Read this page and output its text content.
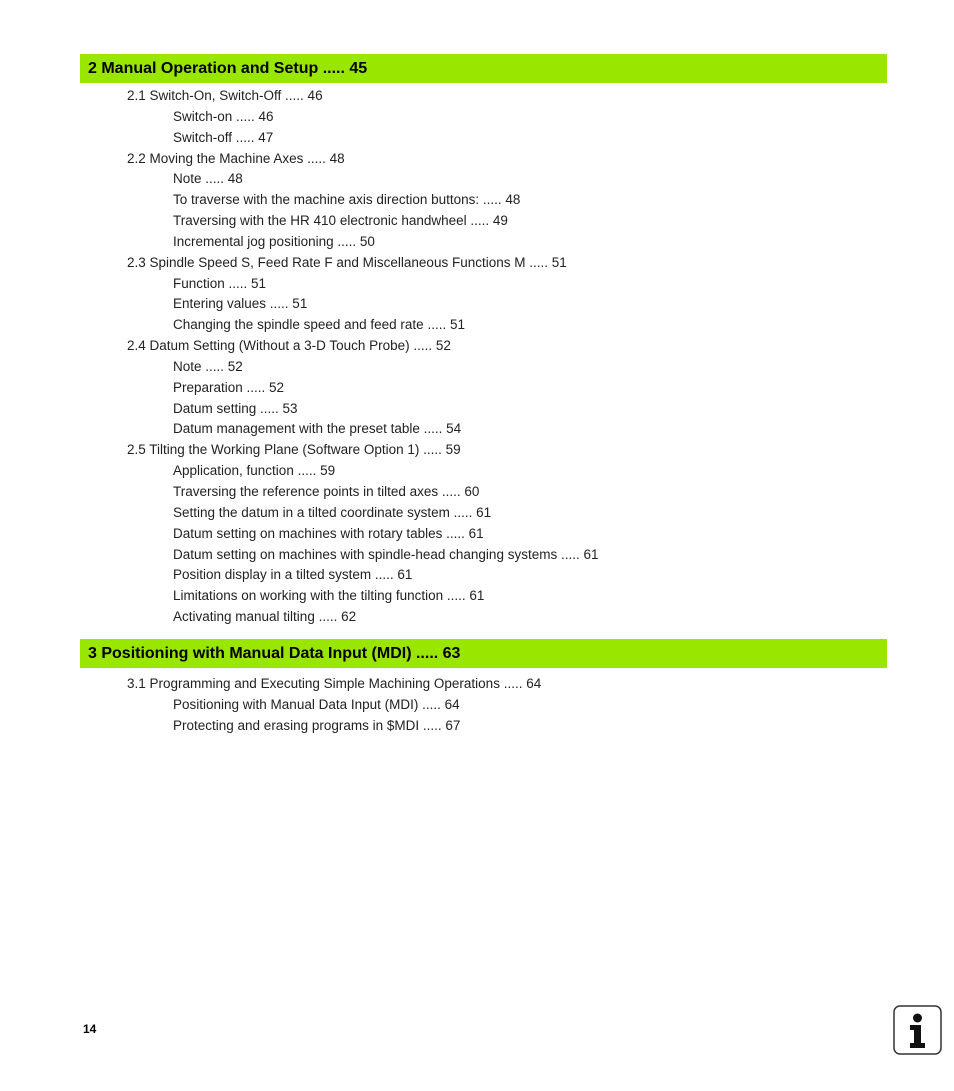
2 Manual Operation and Setup ..... 45
2.1 Switch-On, Switch-Off ..... 46
Switch-on ..... 46
Switch-off ..... 47
2.2 Moving the Machine Axes ..... 48
Note ..... 48
To traverse with the machine axis direction buttons: ..... 48
Traversing with the HR 410 electronic handwheel ..... 49
Incremental jog positioning ..... 50
2.3 Spindle Speed S, Feed Rate F and Miscellaneous Functions M ..... 51
Function ..... 51
Entering values ..... 51
Changing the spindle speed and feed rate ..... 51
2.4 Datum Setting (Without a 3-D Touch Probe) ..... 52
Note ..... 52
Preparation ..... 52
Datum setting ..... 53
Datum management with the preset table ..... 54
2.5 Tilting the Working Plane (Software Option 1) ..... 59
Application, function ..... 59
Traversing the reference points in tilted axes ..... 60
Setting the datum in a tilted coordinate system ..... 61
Datum setting on machines with rotary tables ..... 61
Datum setting on machines with spindle-head changing systems ..... 61
Position display in a tilted system ..... 61
Limitations on working with the tilting function ..... 61
Activating manual tilting ..... 62
3 Positioning with Manual Data Input (MDI) ..... 63
3.1 Programming and Executing Simple Machining Operations ..... 64
Positioning with Manual Data Input (MDI) ..... 64
Protecting and erasing programs in $MDI ..... 67
14
